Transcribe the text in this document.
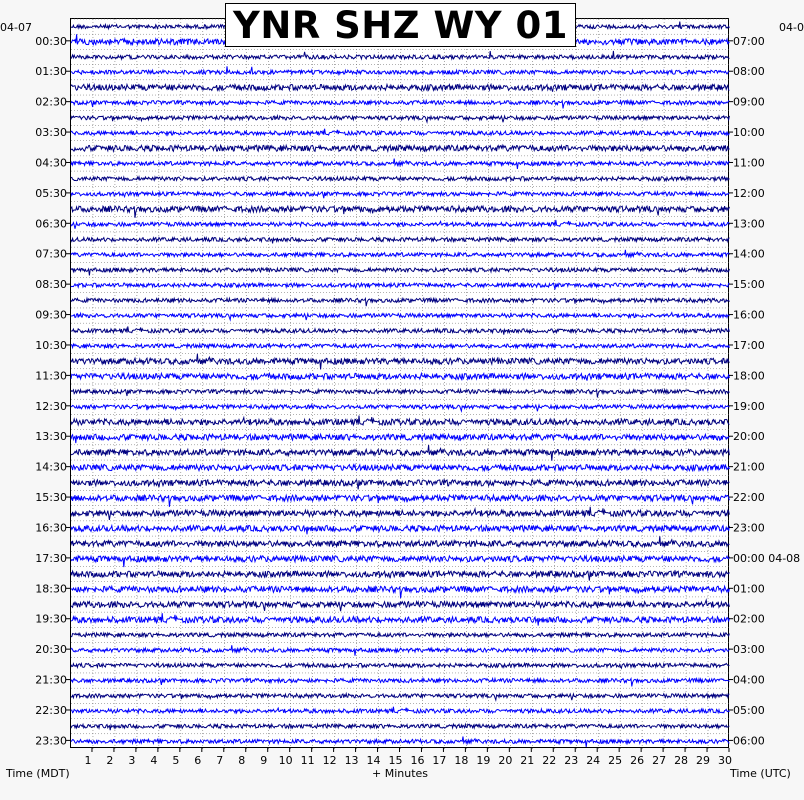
YNR SHZ WY 01
1 2 3 4 5 6 7 8 9 10 11 12 13 14 15 16 17 18 19 20 21 22 23 24 25 26 27 28 29 30
00:30
01:30
02:30
03:30
04:30
05:30
06:30
07:30
08:30
09:30
10:30
11:30
12:30
13:30
14:30
15:30
16:30
17:30
18:30
19:30
20:30
21:30
22:30
23:30
07:00
08:00
09:00
10:00
11:00
12:00
13:00
14:00
15:00
16:00
17:00
18:00
19:00
20:00
21:00
22:00
23:00
00:00 04-08
01:00
02:00
03:00
04:00
05:00
06:00
04-07	04-0
+ Minutes
Time (MDT)	Time (UTC)
